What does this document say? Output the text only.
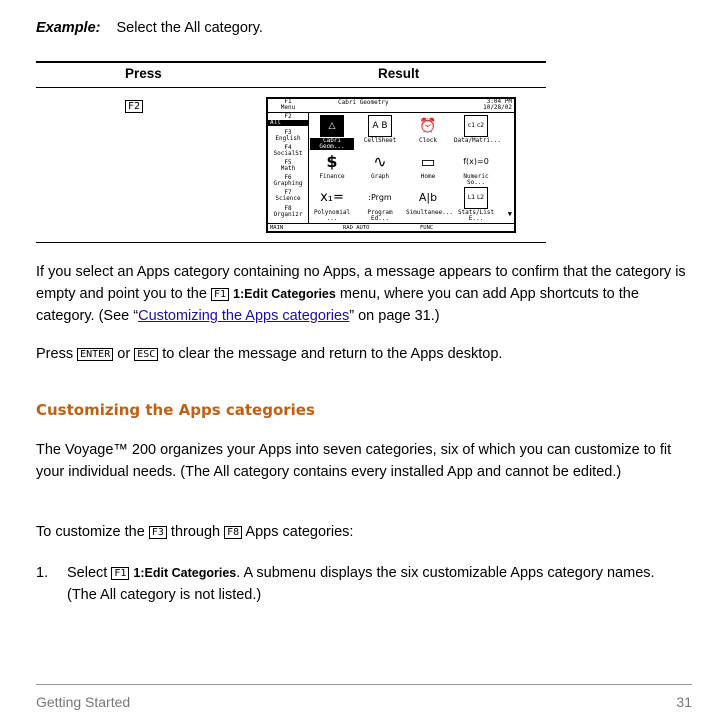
Example: Select the All category.
Press	Result
F2	F1
Menu
Cabri Geometry	3:04 PM
10/28/02
F2
All
F3
English
F4
SocialSt
F5
Math
F6
Graphing
F7
Science
F8
Organizr
△
Cabri Geom...
A B
CellSheet
⏰
Clock
c1 c2
Data/Matri...
$
Finance
∿
Graph
▭
Home
f(x)=0
Numeric So...
x₁=
Polynomial ...
:Prgm
Program Ed...
A|b
Simultanee...
L1 L2
Stats/List E...
▼
MAIN	RAD AUTO	FUNC
If you select an Apps category containing no Apps, a message appears to confirm that the category is empty and point you to the F1 1:Edit Categories menu, where you can add App shortcuts to the category. (See “Customizing the Apps categories” on page 31.)
Press ENTER or ESC to clear the message and return to the Apps desktop.
Customizing the Apps categories
The Voyage™ 200 organizes your Apps into seven categories, six of which you can customize to fit your individual needs. (The All category contains every installed App and cannot be edited.)
To customize the F3 through F8 Apps categories:
1. Select F1 1:Edit Categories. A submenu displays the six customizable Apps category names. (The All category is not listed.)
Getting Started	31
